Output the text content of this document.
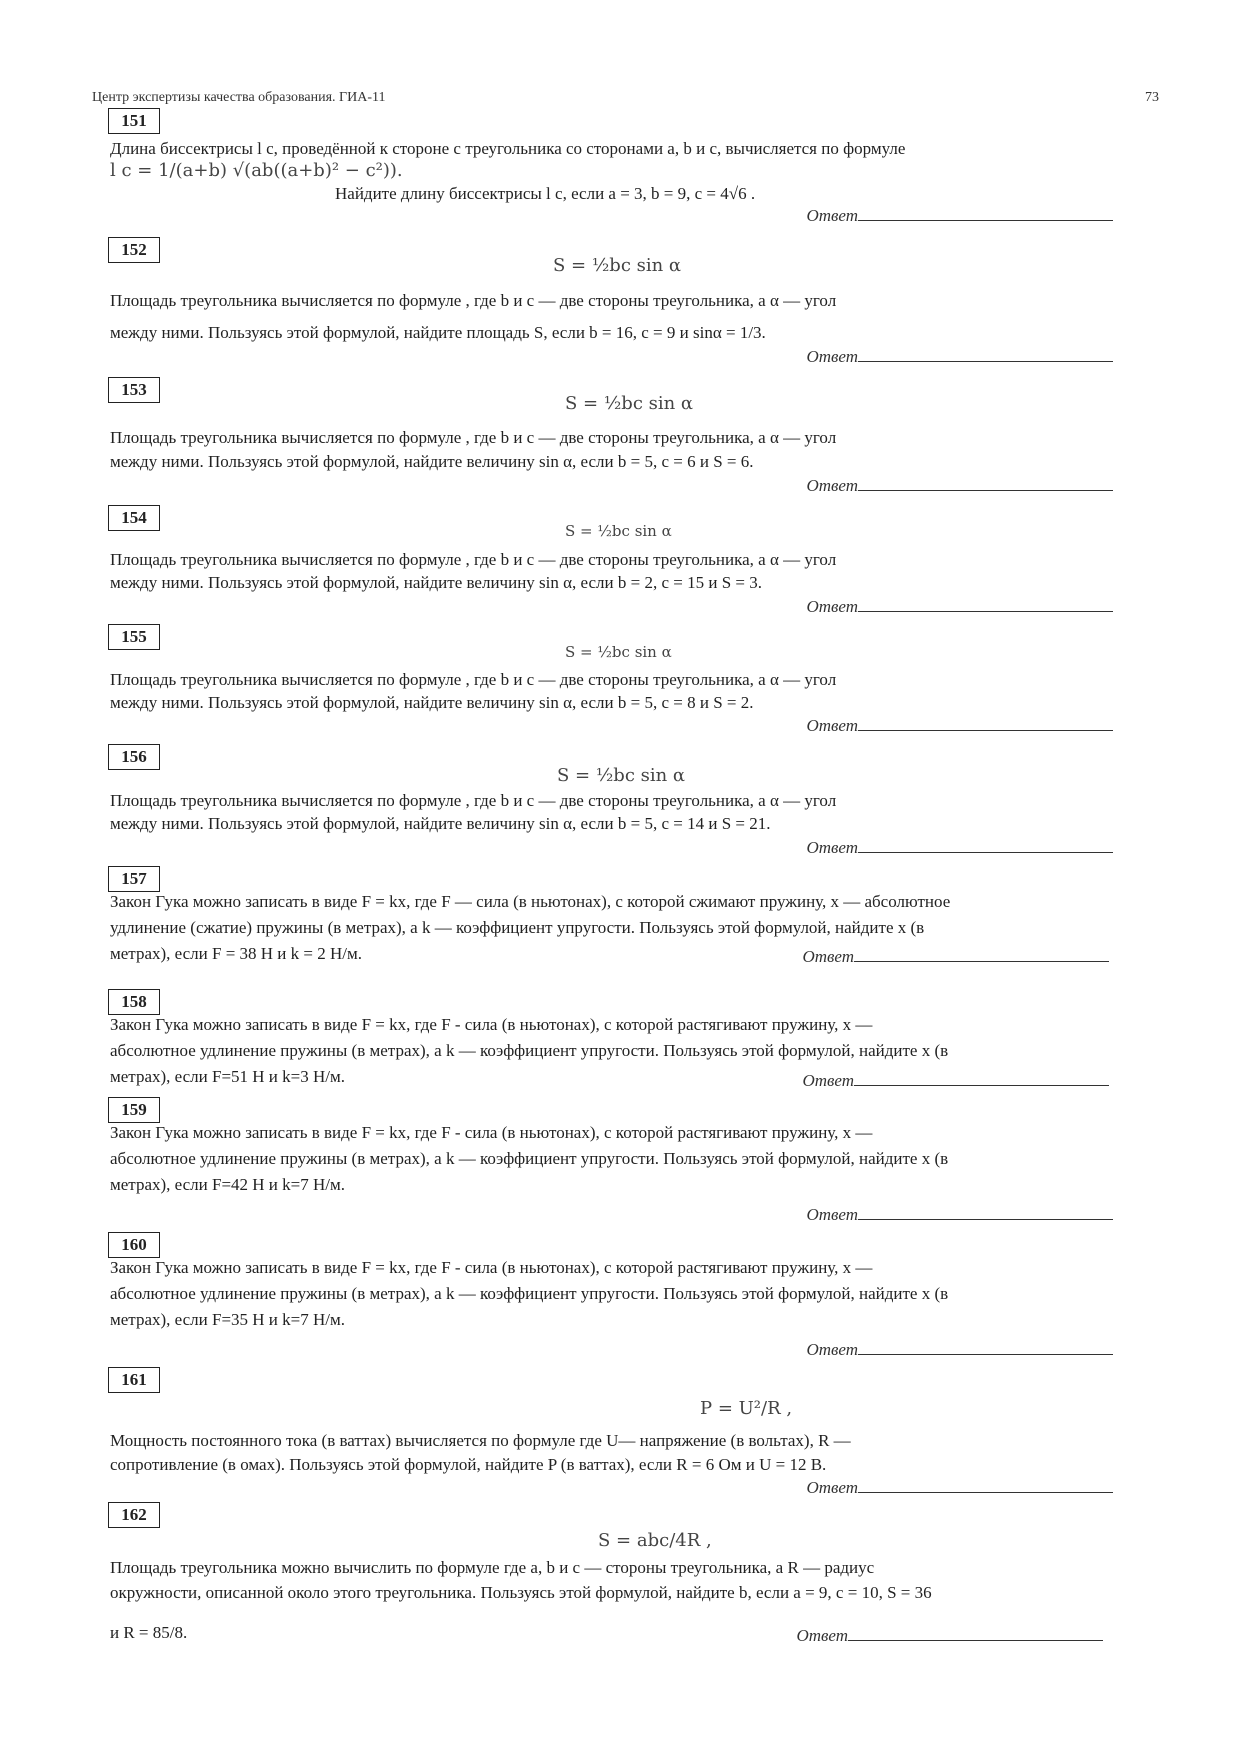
Центр экспертизы качества образования. ГИА-11	73
151
Длина биссектрисы l c, проведённой к стороне c треугольника со сторонами a, b и c, вычисляется по формуле
l c = 1/(a+b) √(ab((a+b)² − c²)).
Найдите длину биссектрисы l c, если a = 3, b = 9, c = 4√6 .
Ответ
152
S = ½bc sin α
Площадь треугольника вычисляется по формуле , где b и c — две стороны треугольника, а α — угол
между ними. Пользуясь этой формулой, найдите площадь S, если b = 16, c = 9 и sinα = 1/3.
Ответ
153
S = ½bc sin α
Площадь треугольника вычисляется по формуле , где b и c — две стороны треугольника, а α — угол
между ними. Пользуясь этой формулой, найдите величину sin α, если b = 5, c = 6 и S = 6.
Ответ
154
S = ½bc sin α
Площадь треугольника вычисляется по формуле , где b и c — две стороны треугольника, а α — угол
между ними. Пользуясь этой формулой, найдите величину sin α, если b = 2, c = 15 и S = 3.
Ответ
155
S = ½bc sin α
Площадь треугольника вычисляется по формуле , где b и c — две стороны треугольника, а α — угол
между ними. Пользуясь этой формулой, найдите величину sin α, если b = 5, c = 8 и S = 2.
Ответ
156
S = ½bc sin α
Площадь треугольника вычисляется по формуле , где b и c — две стороны треугольника, а α — угол
между ними. Пользуясь этой формулой, найдите величину sin α, если b = 5, c = 14 и S = 21.
Ответ
157
Закон Гука можно записать в виде F = kx, где F — сила (в ньютонах), с которой сжимают пружину, x — абсолютное
удлинение (сжатие) пружины (в метрах), а k — коэффициент упругости. Пользуясь этой формулой, найдите x (в
метрах), если F = 38 Н и k = 2 Н/м.	Ответ
158
Закон Гука можно записать в виде F = kx, где F - сила (в ньютонах), с которой растягивают пружину, x —
абсолютное удлинение пружины (в метрах), а k — коэффициент упругости. Пользуясь этой формулой, найдите x (в
метрах), если F=51 Н и k=3 Н/м.	Ответ
159
Закон Гука можно записать в виде F = kx, где F - сила (в ньютонах), с которой растягивают пружину, x —
абсолютное удлинение пружины (в метрах), а k — коэффициент упругости. Пользуясь этой формулой, найдите x (в
метрах), если F=42 Н и k=7 Н/м.
Ответ
160
Закон Гука можно записать в виде F = kx, где F - сила (в ньютонах), с которой растягивают пружину, x —
абсолютное удлинение пружины (в метрах), а k — коэффициент упругости. Пользуясь этой формулой, найдите x (в
метрах), если F=35 Н и k=7 Н/м.
Ответ
161
P = U²/R ,
Мощность постоянного тока (в ваттах) вычисляется по формуле где U— напряжение (в вольтах), R —
сопротивление (в омах). Пользуясь этой формулой, найдите P (в ваттах), если R = 6 Ом и U = 12 В.
Ответ
162
S = abc/4R ,
Площадь треугольника можно вычислить по формуле где a, b и c — стороны треугольника, а R — радиус
окружности, описанной около этого треугольника. Пользуясь этой формулой, найдите b, если a = 9, c = 10, S = 36
и R = 85/8.	Ответ
